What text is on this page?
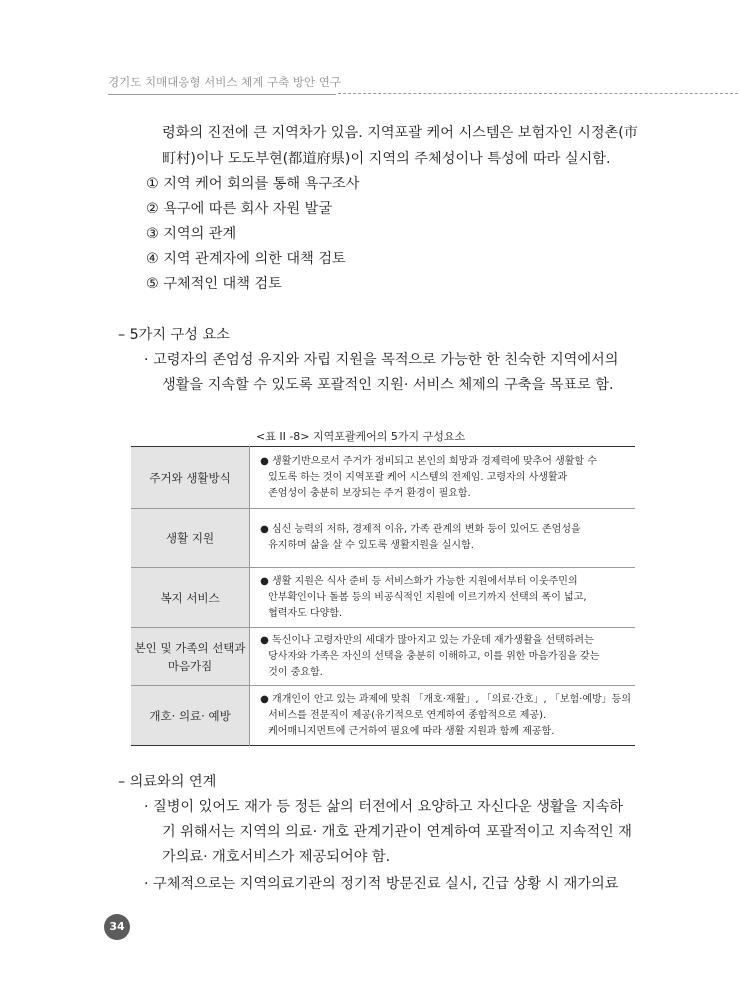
경기도 치매대응형 서비스 체계 구축 방안 연구
령화의 진전에 큰 지역차가 있음. 지역포괄 케어 시스템은 보험자인 시정촌(市
町村)이나 도도부현(都道府県)이 지역의 주체성이나 특성에 따라 실시함.
① 지역 케어 회의를 통해 욕구조사
② 욕구에 따른 회사 자원 발굴
③ 지역의 관계
④ 지역 관계자에 의한 대책 검토
⑤ 구체적인 대책 검토
– 5가지 구성 요소
· 고령자의 존엄성 유지와 자립 지원을 목적으로 가능한 한 친숙한 지역에서의
생활을 지속할 수 있도록 포괄적인 지원· 서비스 체제의 구축을 목표로 함.
<표 II -8> 지역포괄케어의 5가지 구성요소
주거와 생활방식	● 생활기반으로서 주거가 정비되고 본인의 희망과 경제력에 맞추어 생활할 수
있도록 하는 것이 지역포괄 케어 시스템의 전제임. 고령자의 사생활과
존엄성이 충분히 보장되는 주거 환경이 필요함.

생활 지원	● 심신 능력의 저하, 경제적 이유, 가족 관계의 변화 등이 있어도 존엄성을
유지하며 삶을 살 수 있도록 생활지원을 실시함.

복지 서비스	● 생활 지원은 식사 준비 등 서비스화가 가능한 지원에서부터 이웃주민의
안부확인이나 돌봄 등의 비공식적인 지원에 이르기까지 선택의 폭이 넓고,
협력자도 다양함.

본인 및 가족의 선택과
마음가짐	● 독신이나 고령자만의 세대가 많아지고 있는 가운데 재가생활을 선택하려는
당사자와 가족은 자신의 선택을 충분히 이해하고, 이를 위한 마음가짐을 갖는
것이 중요함.

개호· 의료· 예방	● 개개인이 안고 있는 과제에 맞춰 「개호·재활」, 「의료·간호」, 「보험·예방」등의
서비스를 전문직이 제공(유기적으로 연계하여 종합적으로 제공).
케어매니지먼트에 근거하여 필요에 따라 생활 지원과 함께 제공함.
– 의료와의 연계
· 질병이 있어도 재가 등 정든 삶의 터전에서 요양하고 자신다운 생활을 지속하
기 위해서는 지역의 의료· 개호 관계기관이 연계하여 포괄적이고 지속적인 재
가의료· 개호서비스가 제공되어야 함.
· 구체적으로는 지역의료기관의 정기적 방문진료 실시, 긴급 상황 시 재가의료
34
